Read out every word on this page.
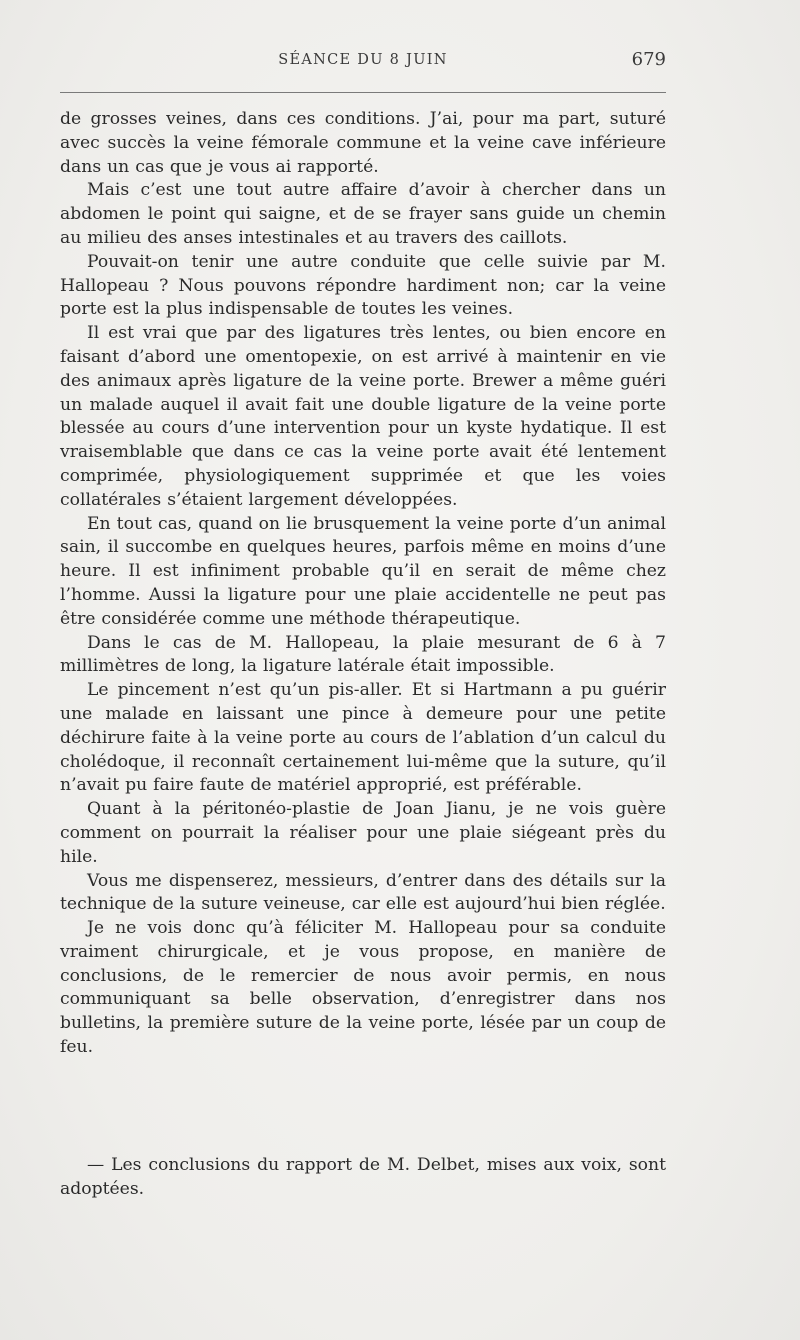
SÉANCE DU 8 JUIN	679

de grosses veines, dans ces conditions. J’ai, pour ma part, suturé avec succès la veine fémorale commune et la veine cave inférieure dans un cas que je vous ai rapporté.

Mais c’est une tout autre affaire d’avoir à chercher dans un abdomen le point qui saigne, et de se frayer sans guide un chemin au milieu des anses intestinales et au travers des caillots.

Pouvait-on tenir une autre conduite que celle suivie par M. Hallopeau ? Nous pouvons répondre hardiment non; car la veine porte est la plus indispensable de toutes les veines.

Il est vrai que par des ligatures très lentes, ou bien encore en faisant d’abord une omentopexie, on est arrivé à maintenir en vie des animaux après ligature de la veine porte. Brewer a même guéri un malade auquel il avait fait une double ligature de la veine porte blessée au cours d’une intervention pour un kyste hydatique. Il est vraisemblable que dans ce cas la veine porte avait été lentement comprimée, physiologiquement supprimée et que les voies collatérales s’étaient largement développées.

En tout cas, quand on lie brusquement la veine porte d’un animal sain, il succombe en quelques heures, parfois même en moins d’une heure. Il est infiniment probable qu’il en serait de même chez l’homme. Aussi la ligature pour une plaie accidentelle ne peut pas être considérée comme une méthode thérapeutique.

Dans le cas de M. Hallopeau, la plaie mesurant de 6 à 7 millimètres de long, la ligature latérale était impossible.

Le pincement n’est qu’un pis-aller. Et si Hartmann a pu guérir une malade en laissant une pince à demeure pour une petite déchirure faite à la veine porte au cours de l’ablation d’un calcul du cholédoque, il reconnaît certainement lui-même que la suture, qu’il n’avait pu faire faute de matériel approprié, est préférable.

Quant à la péritonéo-plastie de Joan Jianu, je ne vois guère comment on pourrait la réaliser pour une plaie siégeant près du hile.

Vous me dispenserez, messieurs, d’entrer dans des détails sur la technique de la suture veineuse, car elle est aujourd’hui bien réglée.

Je ne vois donc qu’à féliciter M. Hallopeau pour sa conduite vraiment chirurgicale, et je vous propose, en manière de conclusions, de le remercier de nous avoir permis, en nous communiquant sa belle observation, d’enregistrer dans nos bulletins, la première suture de la veine porte, lésée par un coup de feu.

— Les conclusions du rapport de M. Delbet, mises aux voix, sont adoptées.
